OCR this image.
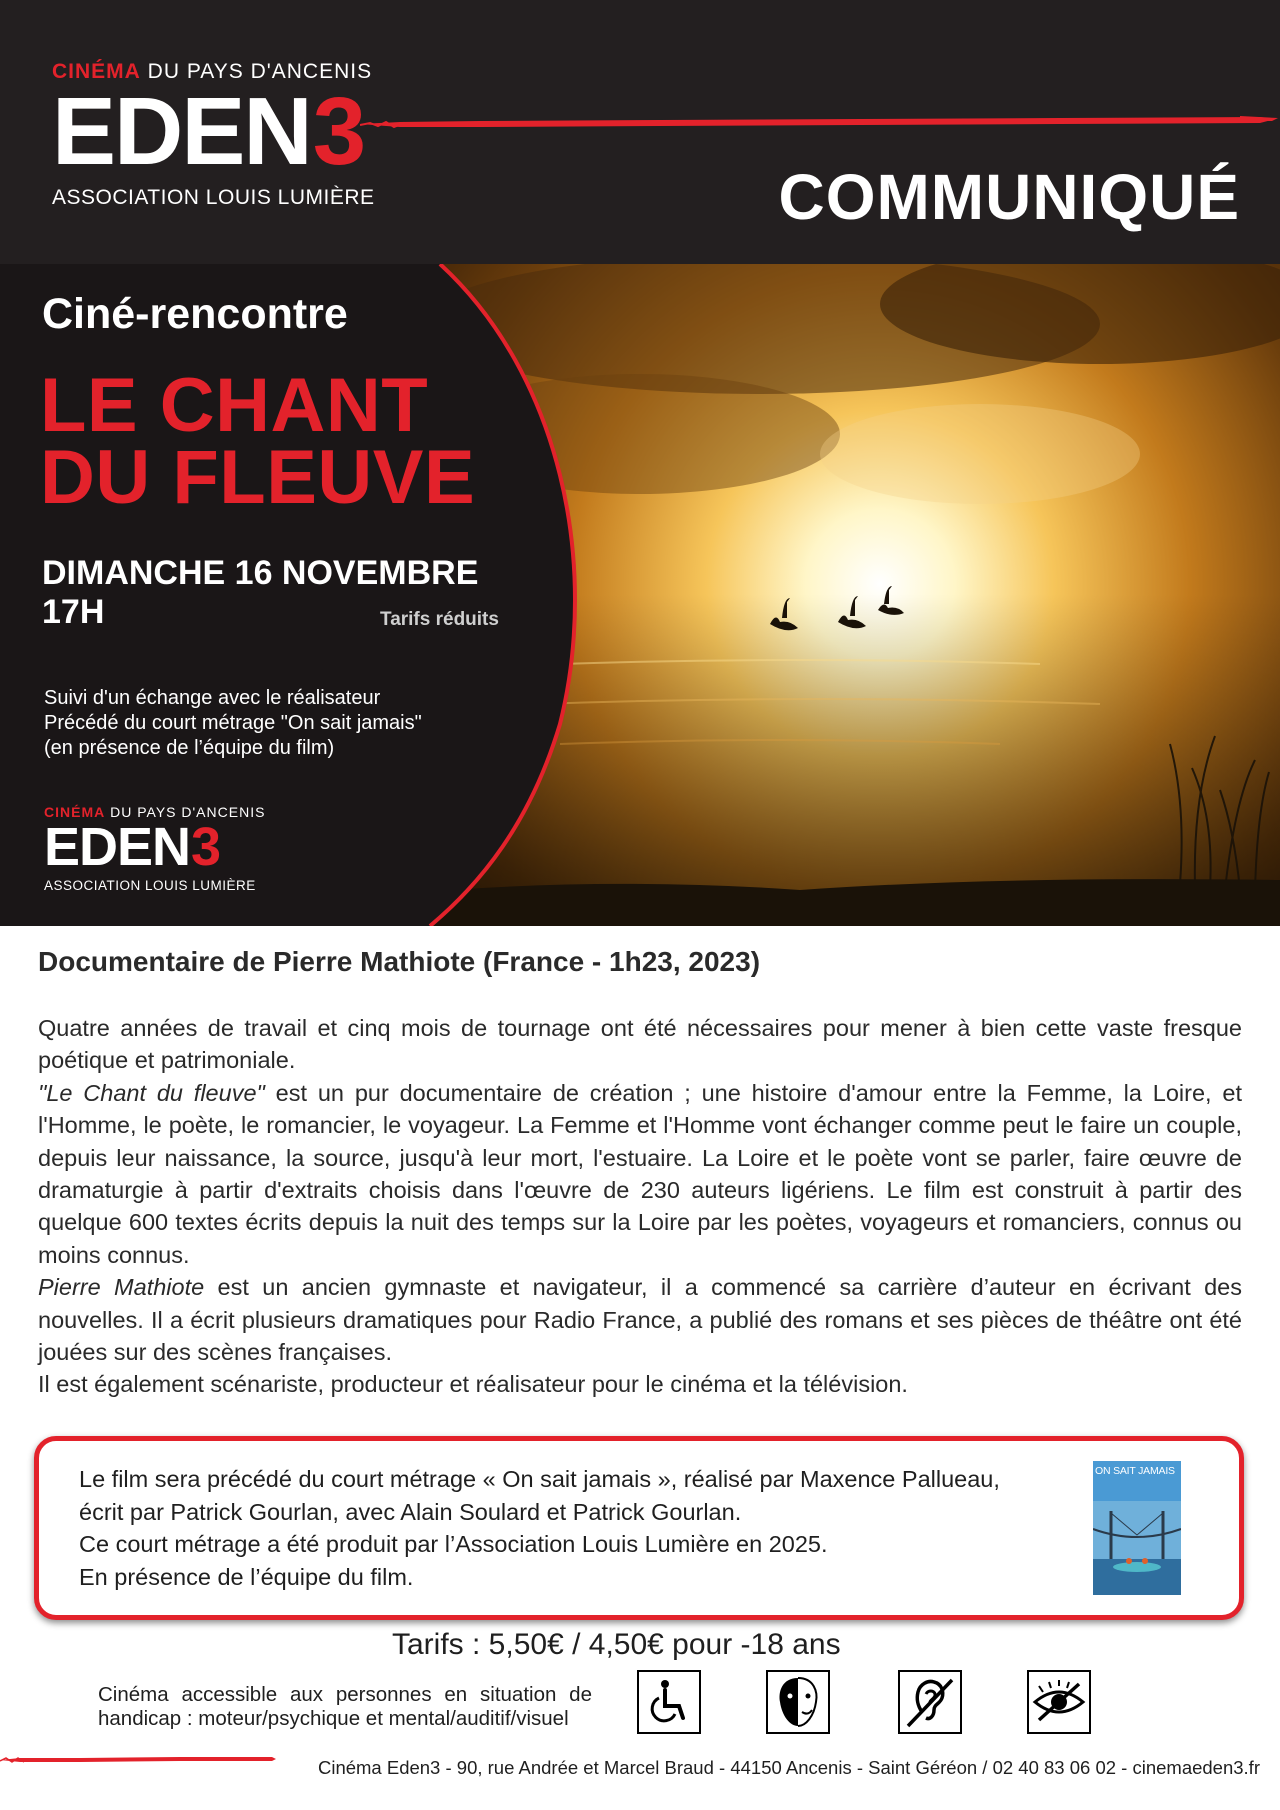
CINÉMA DU PAYS D'ANCENIS
EDEN 3
ASSOCIATION LOUIS LUMIÈRE	COMMUNIQUÉ
Ciné-rencontre
LE CHANT
DU FLEUVE
DIMANCHE 16 NOVEMBRE
17H	Tarifs réduits
Suivi d'un échange avec le réalisateur
Précédé du court métrage "On sait jamais"
(en présence de l’équipe du film)
CINÉMA DU PAYS D'ANCENIS
EDEN 3
ASSOCIATION LOUIS LUMIÈRE
Documentaire de Pierre Mathiote (France - 1h23, 2023)

Quatre années de travail et cinq mois de tournage ont été nécessaires pour mener à bien cette vaste fresque poétique et patrimoniale.

"Le Chant du fleuve" est un pur documentaire de création ; une histoire d'amour entre la Femme, la Loire, et l'Homme, le poète, le romancier, le voyageur. La Femme et l'Homme vont échanger comme peut le faire un couple, depuis leur naissance, la source, jusqu'à leur mort, l'estuaire. La Loire et le poète vont se parler, faire œuvre de dramaturgie à partir d'extraits choisis dans l'œuvre de 230 auteurs ligériens. Le film est construit à partir des quelque 600 textes écrits depuis la nuit des temps sur la Loire par les poètes, voyageurs et romanciers, connus ou moins connus.

Pierre Mathiote est un ancien gymnaste et navigateur, il a commencé sa carrière d’auteur en écrivant des nouvelles. Il a écrit plusieurs dramatiques pour Radio France, a publié des romans et ses pièces de théâtre ont été jouées sur des scènes françaises.

Il est également scénariste, producteur et réalisateur pour le cinéma et la télévision.

Le film sera précédé du court métrage « On sait jamais », réalisé par Maxence Pallueau,
écrit par Patrick Gourlan, avec Alain Soulard et Patrick Gourlan.
Ce court métrage a été produit par l’Association Louis Lumière en 2025.
En présence de l’équipe du film.
ON SAIT JAMAIS
Tarifs : 5,50€ / 4,50€ pour -18 ans
Cinéma accessible aux personnes en situation de
handicap : moteur/psychique et mental/auditif/visuel
Cinéma Eden3 - 90, rue Andrée et Marcel Braud - 44150 Ancenis - Saint Géréon / 02 40 83 06 02 - cinemaeden3.fr
